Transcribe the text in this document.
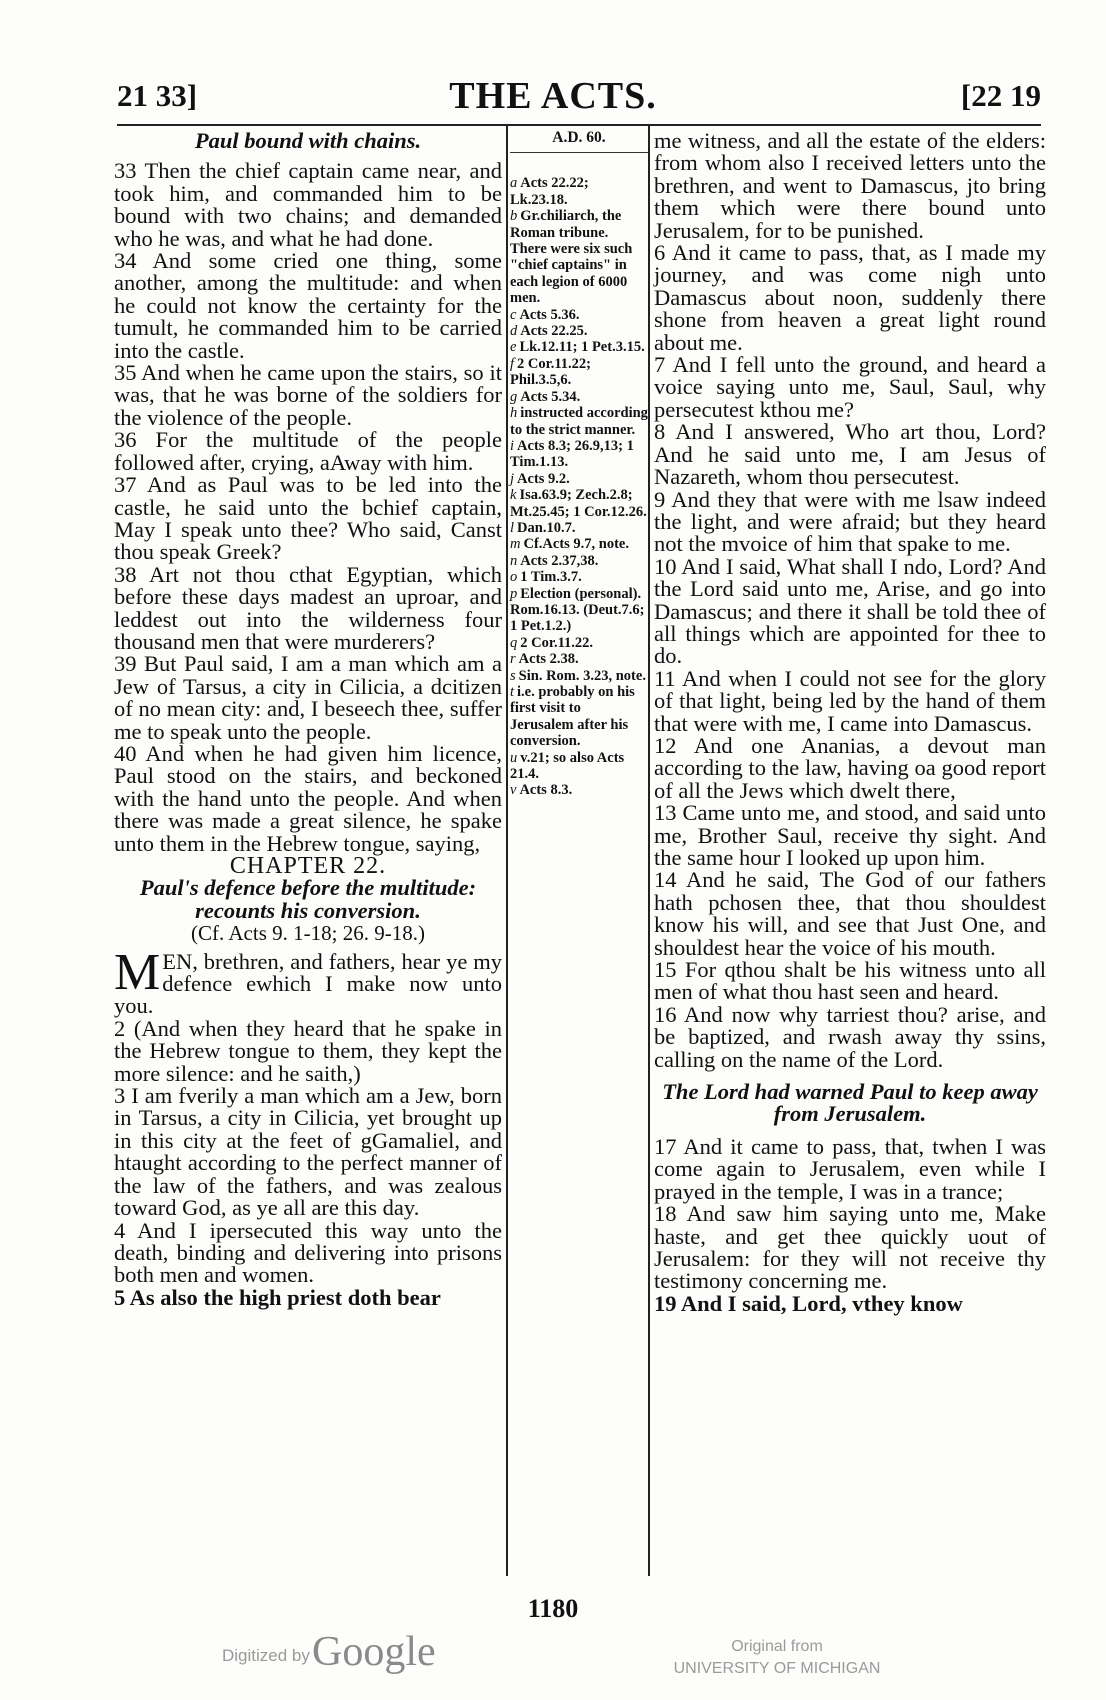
21 33]	THE ACTS.	[22 19

Paul bound with chains.

33 Then the chief captain came near, and took him, and commanded him to be bound with two chains; and demanded who he was, and what he had done.

34 And some cried one thing, some another, among the multitude: and when he could not know the certainty for the tumult, he commanded him to be carried into the castle.

35 And when he came upon the stairs, so it was, that he was borne of the soldiers for the violence of the people.

36 For the multitude of the people followed after, crying, aAway with him.

37 And as Paul was to be led into the castle, he said unto the bchief captain, May I speak unto thee? Who said, Canst thou speak Greek?

38 Art not thou cthat Egyptian, which before these days madest an uproar, and leddest out into the wilderness four thousand men that were murderers?

39 But Paul said, I am a man which am a Jew of Tarsus, a city in Cilicia, a dcitizen of no mean city: and, I beseech thee, suffer me to speak unto the people.

40 And when he had given him licence, Paul stood on the stairs, and beckoned with the hand unto the people. And when there was made a great silence, he spake unto them in the Hebrew tongue, saying,

CHAPTER 22.

Paul's defence before the multitude: recounts his conversion.

(Cf. Acts 9. 1-18; 26. 9-18.)

MEN, brethren, and fathers, hear ye my defence ewhich I make now unto you.

2 (And when they heard that he spake in the Hebrew tongue to them, they kept the more silence: and he saith,)

3 I am fverily a man which am a Jew, born in Tarsus, a city in Cilicia, yet brought up in this city at the feet of gGamaliel, and htaught according to the perfect manner of the law of the fathers, and was zealous toward God, as ye all are this day.

4 And I ipersecuted this way unto the death, binding and delivering into prisons both men and women.

5 As also the high priest doth bear

A.D. 60.

a Acts 22.22; Lk.23.18.

b Gr.chiliarch, the Roman tribune. There were six such "chief captains" in each legion of 6000 men.

c Acts 5.36.

d Acts 22.25.

e Lk.12.11; 1 Pet.3.15.

f 2 Cor.11.22; Phil.3.5,6.

g Acts 5.34.

h instructed according to the strict manner.

i Acts 8.3; 26.9,13; 1 Tim.1.13.

j Acts 9.2.

k Isa.63.9; Zech.2.8; Mt.25.45; 1 Cor.12.26.

l Dan.10.7.

m Cf.Acts 9.7, note.

n Acts 2.37,38.

o 1 Tim.3.7.

p Election (personal). Rom.16.13. (Deut.7.6; 1 Pet.1.2.)

q 2 Cor.11.22.

r Acts 2.38.

s Sin. Rom. 3.23, note.

t i.e. probably on his first visit to Jerusalem after his conversion.

u v.21; so also Acts 21.4.

v Acts 8.3.

me witness, and all the estate of the elders: from whom also I received letters unto the brethren, and went to Damascus, jto bring them which were there bound unto Jerusalem, for to be punished.

6 And it came to pass, that, as I made my journey, and was come nigh unto Damascus about noon, suddenly there shone from heaven a great light round about me.

7 And I fell unto the ground, and heard a voice saying unto me, Saul, Saul, why persecutest kthou me?

8 And I answered, Who art thou, Lord? And he said unto me, I am Jesus of Nazareth, whom thou persecutest.

9 And they that were with me lsaw indeed the light, and were afraid; but they heard not the mvoice of him that spake to me.

10 And I said, What shall I ndo, Lord? And the Lord said unto me, Arise, and go into Damascus; and there it shall be told thee of all things which are appointed for thee to do.

11 And when I could not see for the glory of that light, being led by the hand of them that were with me, I came into Damascus.

12 And one Ananias, a devout man according to the law, having oa good report of all the Jews which dwelt there,

13 Came unto me, and stood, and said unto me, Brother Saul, receive thy sight. And the same hour I looked up upon him.

14 And he said, The God of our fathers hath pchosen thee, that thou shouldest know his will, and see that Just One, and shouldest hear the voice of his mouth.

15 For qthou shalt be his witness unto all men of what thou hast seen and heard.

16 And now why tarriest thou? arise, and be baptized, and rwash away thy ssins, calling on the name of the Lord.

The Lord had warned Paul to keep away from Jerusalem.

17 And it came to pass, that, twhen I was come again to Jerusalem, even while I prayed in the temple, I was in a trance;

18 And saw him saying unto me, Make haste, and get thee quickly uout of Jerusalem: for they will not receive thy testimony concerning me.

19 And I said, Lord, vthey know

1180
Digitized by Google	Original from
UNIVERSITY OF MICHIGAN
